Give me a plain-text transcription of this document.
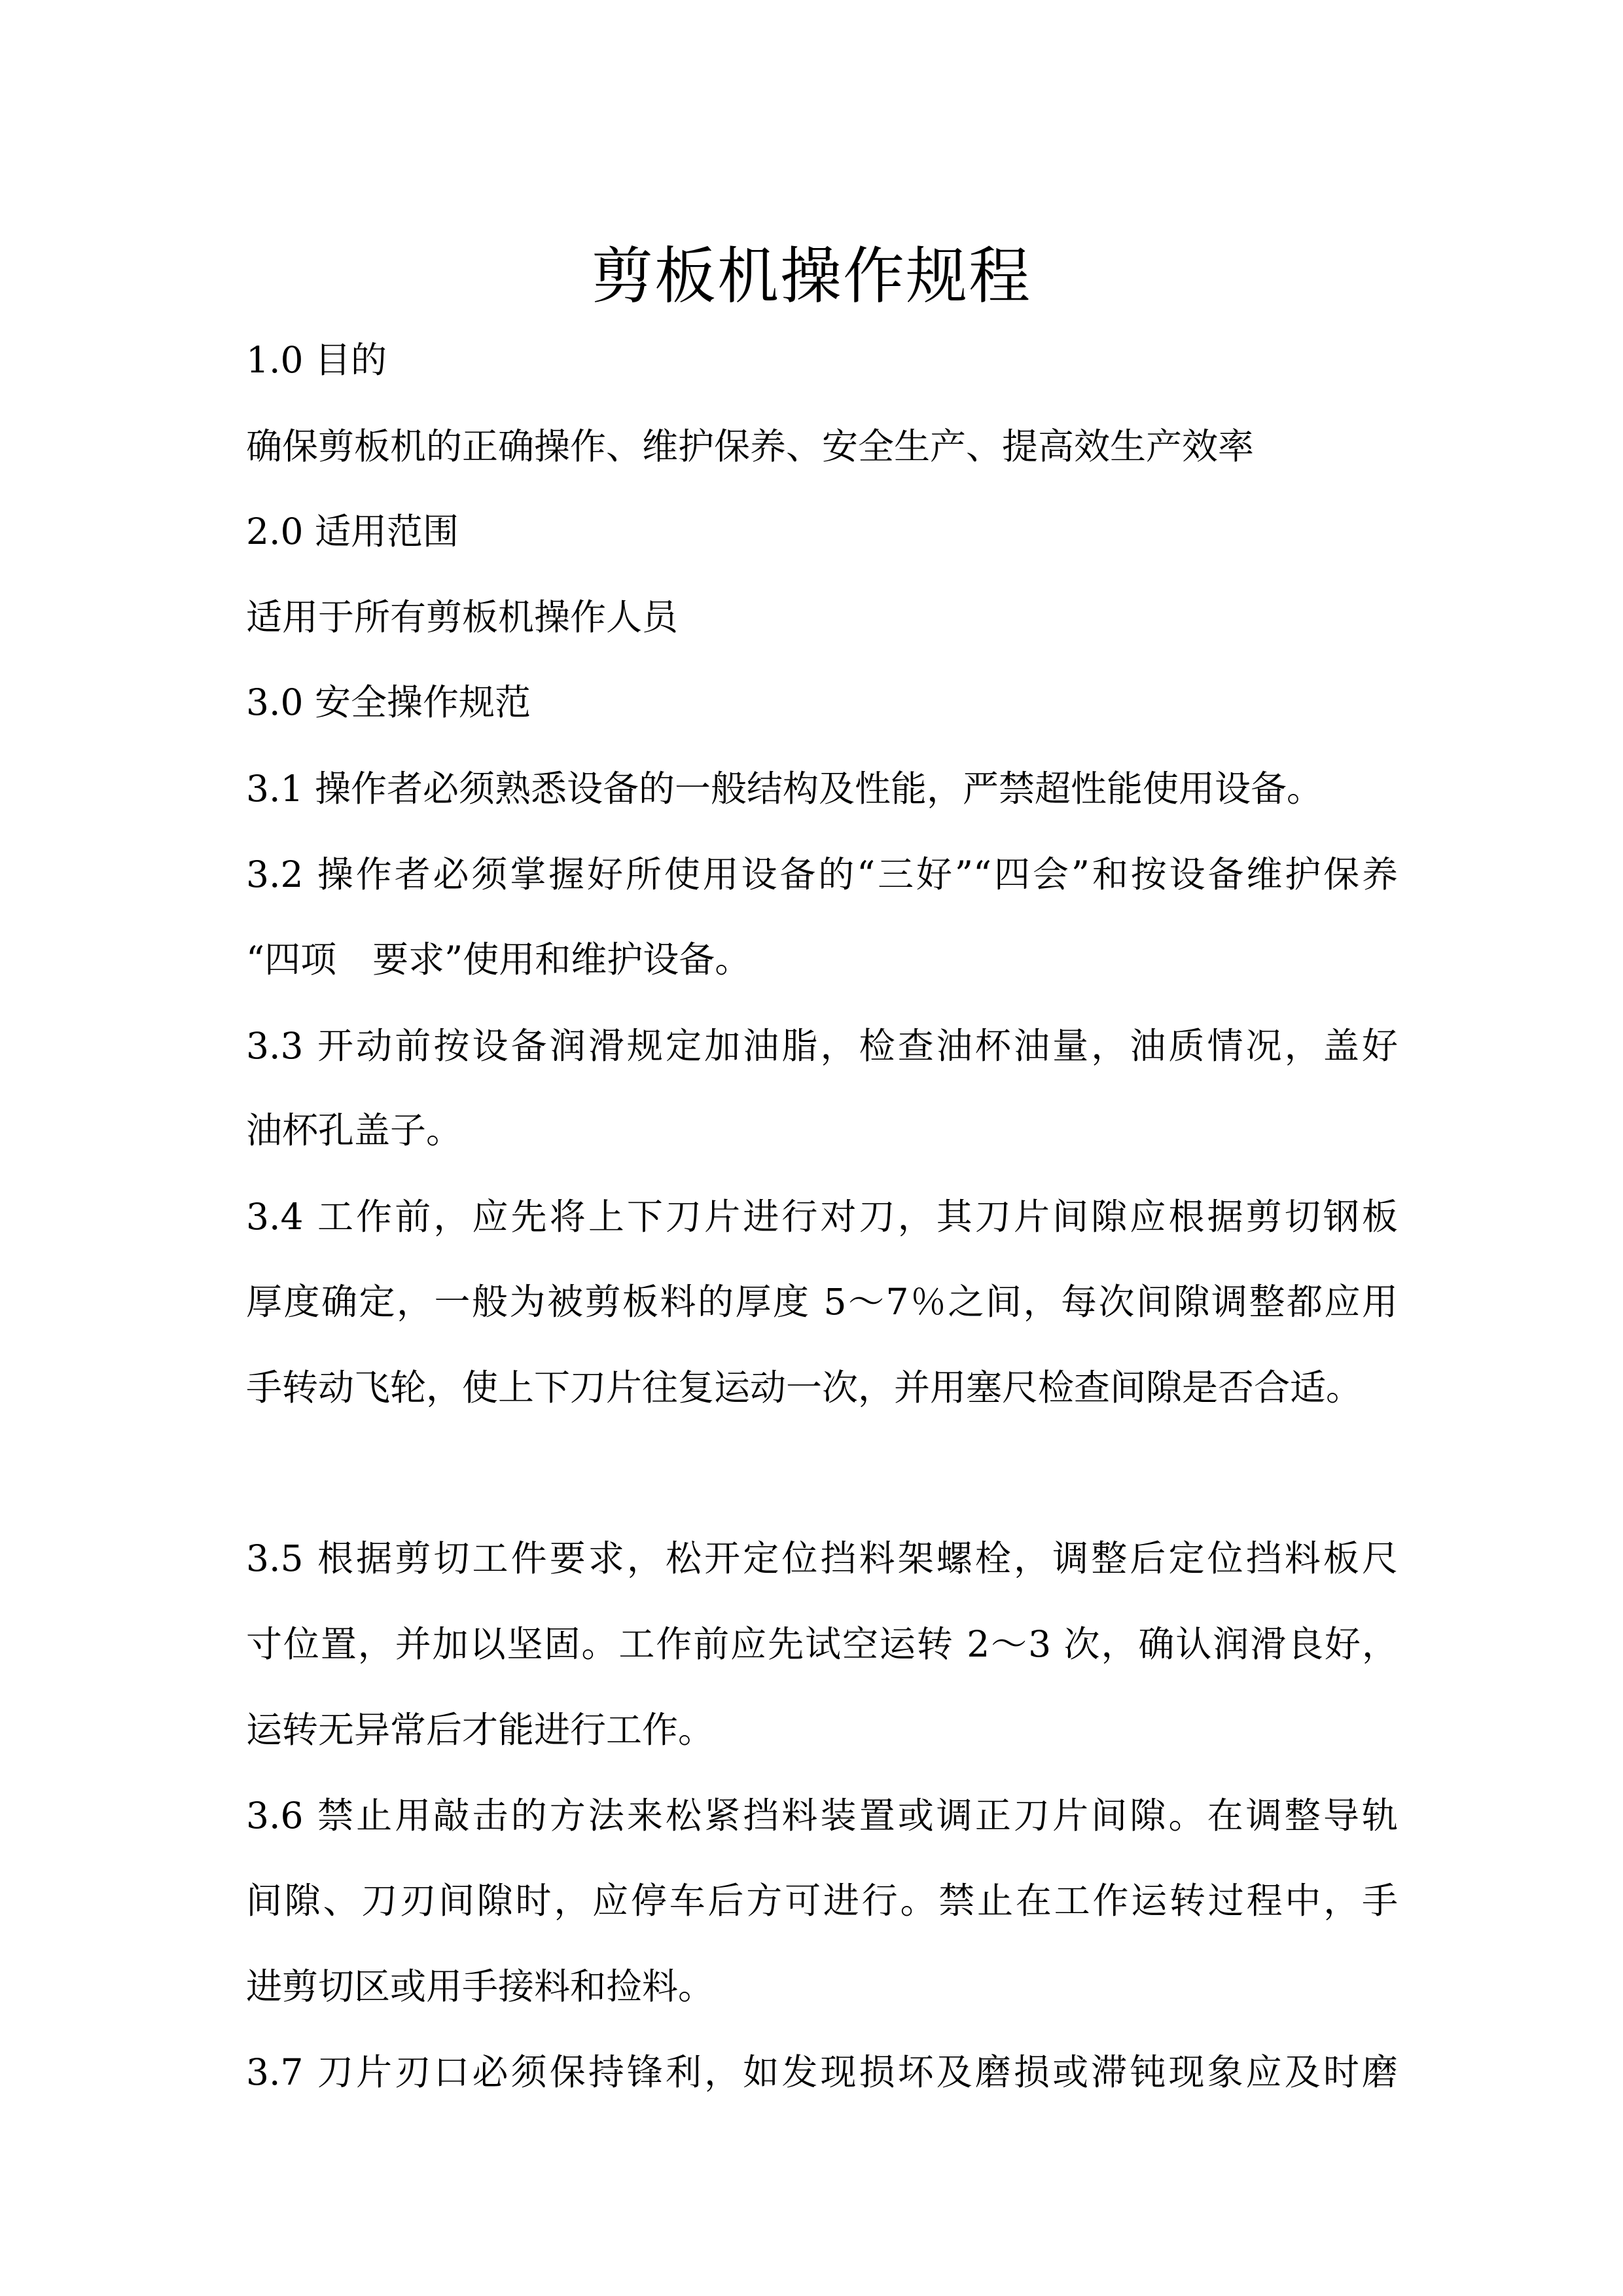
剪板机操作规程

1.0 目的

确保剪板机的正确操作、维护保养、安全生产、提高效生产效率

2.0 适用范围

适用于所有剪板机操作人员

3.0 安全操作规范

3.1 操作者必须熟悉设备的一般结构及性能，严禁超性能使用设备。

3.2 操作者必须掌握好所使用设备的“三好”“四会”和按设备维护保养

“四项　要求”使用和维护设备。

3.3 开动前按设备润滑规定加油脂，检查油杯油量，油质情况，盖好

油杯孔盖子。

3.4 工作前，应先将上下刀片进行对刀，其刀片间隙应根据剪切钢板

厚度确定，一般为被剪板料的厚度 5～7％之间，每次间隙调整都应用

手转动飞轮，使上下刀片往复运动一次，并用塞尺检查间隙是否合适。

3.5 根据剪切工件要求，松开定位挡料架螺栓，调整后定位挡料板尺

寸位置，并加以坚固。工作前应先试空运转 2～3 次，确认润滑良好，

运转无异常后才能进行工作。

3.6 禁止用敲击的方法来松紧挡料装置或调正刀片间隙。在调整导轨

间隙、刀刃间隙时，应停车后方可进行。禁止在工作运转过程中，手

进剪切区或用手接料和捡料。

3.7 刀片刃口必须保持锋利，如发现损坏及磨损或滞钝现象应及时磨
